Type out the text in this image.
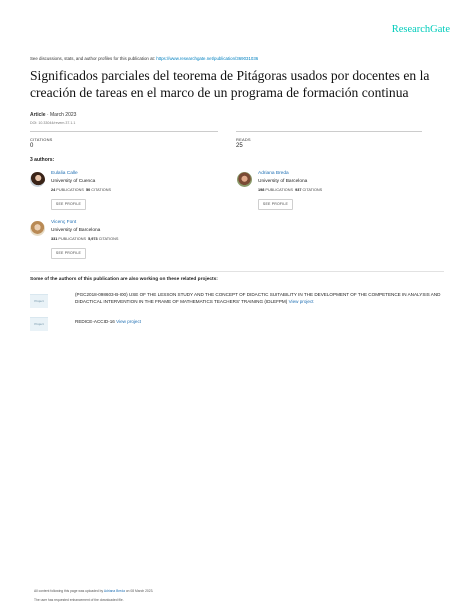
ResearchGate
See discussions, stats, and author profiles for this publication at: https://www.researchgate.net/publication/369031036
Significados parciales del teorema de Pitágoras usados por docentes en la creación de tareas en el marco de un programa de formación continua
Article · March 2023
DOI: 10.33044/revem.37.1.1
CITATIONS
0
READS
25
3 authors:
Eulalia Calle
University of Cuenca
24 PUBLICATIONS 50 CITATIONS
SEE PROFILE
Adriana Breda
University of Barcelona
198 PUBLICATIONS 937 CITATIONS
SEE PROFILE
Vicenç Font
University of Barcelona
331 PUBLICATIONS 5,973 CITATIONS
SEE PROFILE
Some of the authors of this publication are also working on these related projects:
Project
(PGC2018-098603-B-I00) USE OF THE LESSON STUDY AND THE CONCEPT OF DIDACTIC SUITABILITY IN THE DEVELOPMENT OF THE COMPETENCE IN ANALYSIS AND DIDACTICAL INTERVENTION IN THE FRAME OF MATHEMATICS TEACHERS' TRAINING (IDLEFPM) View project
Project	REDICE-ACCID-16 View project
All content following this page was uploaded by Adriana Breda on 08 March 2023.
The user has requested enhancement of the downloaded file.
